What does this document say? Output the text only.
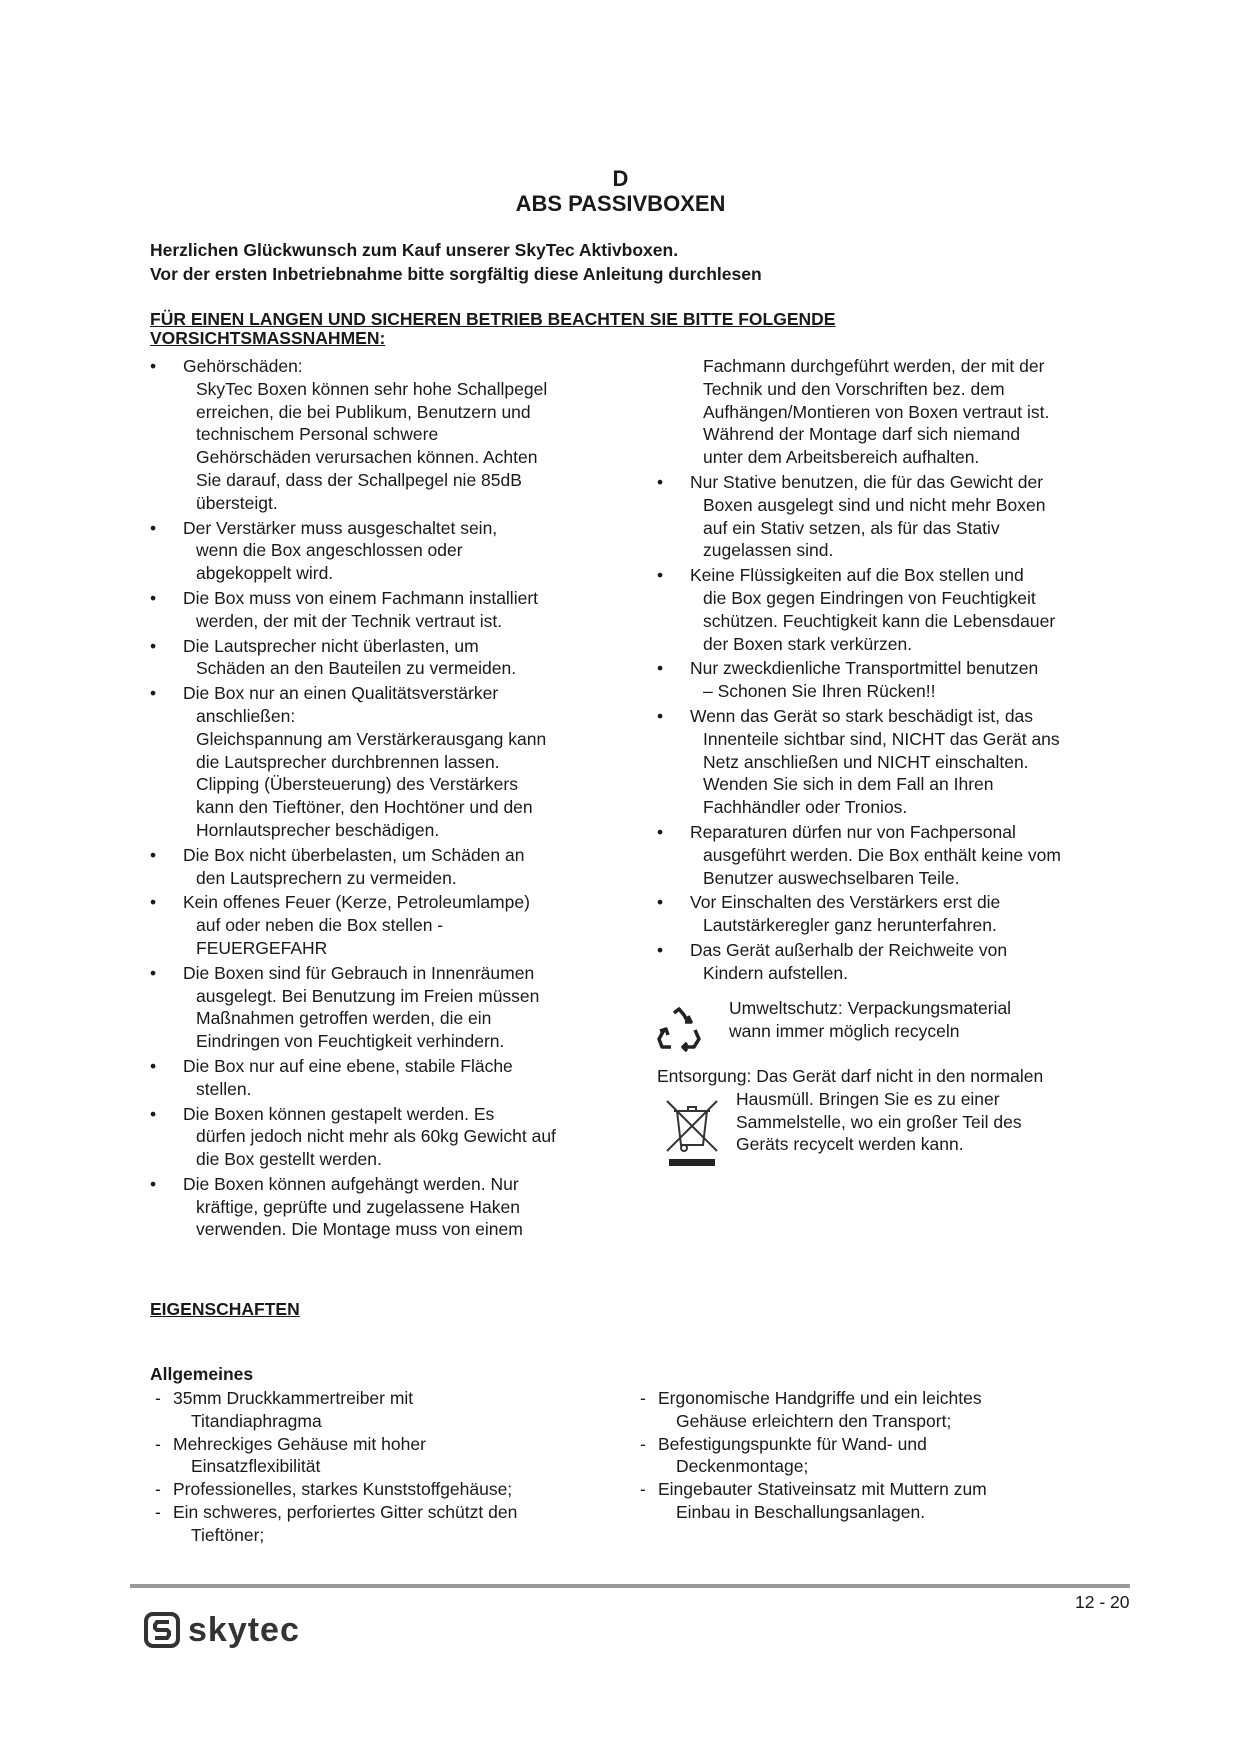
D
ABS PASSIVBOXEN
Herzlichen Glückwunsch zum Kauf unserer SkyTec Aktivboxen.
Vor der ersten Inbetriebnahme bitte sorgfältig diese Anleitung durchlesen
FÜR EINEN LANGEN UND SICHEREN BETRIEB BEACHTEN SIE BITTE FOLGENDE
VORSICHTSMASSNAHMEN:
• Gehörschäden:
SkyTec Boxen können sehr hohe Schallpegel
erreichen, die bei Publikum, Benutzern und
technischem Personal schwere
Gehörschäden verursachen können. Achten
Sie darauf, dass der Schallpegel nie 85dB
übersteigt.
• Der Verstärker muss ausgeschaltet sein,
wenn die Box angeschlossen oder
abgekoppelt wird.
• Die Box muss von einem Fachmann installiert
werden, der mit der Technik vertraut ist.
• Die Lautsprecher nicht überlasten, um
Schäden an den Bauteilen zu vermeiden.
• Die Box nur an einen Qualitätsverstärker
anschließen:
Gleichspannung am Verstärkerausgang kann
die Lautsprecher durchbrennen lassen.
Clipping (Übersteuerung) des Verstärkers
kann den Tieftöner, den Hochtöner und den
Hornlautsprecher beschädigen.
• Die Box nicht überbelasten, um Schäden an
den Lautsprechern zu vermeiden.
• Kein offenes Feuer (Kerze, Petroleumlampe)
auf oder neben die Box stellen -
FEUERGEFAHR
• Die Boxen sind für Gebrauch in Innenräumen
ausgelegt. Bei Benutzung im Freien müssen
Maßnahmen getroffen werden, die ein
Eindringen von Feuchtigkeit verhindern.
• Die Box nur auf eine ebene, stabile Fläche
stellen.
• Die Boxen können gestapelt werden. Es
dürfen jedoch nicht mehr als 60kg Gewicht auf
die Box gestellt werden.
• Die Boxen können aufgehängt werden. Nur
kräftige, geprüfte und zugelassene Haken
verwenden. Die Montage muss von einem
Fachmann durchgeführt werden, der mit der
Technik und den Vorschriften bez. dem
Aufhängen/Montieren von Boxen vertraut ist.
Während der Montage darf sich niemand
unter dem Arbeitsbereich aufhalten.
• Nur Stative benutzen, die für das Gewicht der
Boxen ausgelegt sind und nicht mehr Boxen
auf ein Stativ setzen, als für das Stativ
zugelassen sind.
• Keine Flüssigkeiten auf die Box stellen und
die Box gegen Eindringen von Feuchtigkeit
schützen. Feuchtigkeit kann die Lebensdauer
der Boxen stark verkürzen.
• Nur zweckdienliche Transportmittel benutzen
– Schonen Sie Ihren Rücken!!
• Wenn das Gerät so stark beschädigt ist, das
Innenteile sichtbar sind, NICHT das Gerät ans
Netz anschließen und NICHT einschalten.
Wenden Sie sich in dem Fall an Ihren
Fachhändler oder Tronios.
• Reparaturen dürfen nur von Fachpersonal
ausgeführt werden. Die Box enthält keine vom
Benutzer auswechselbaren Teile.
• Vor Einschalten des Verstärkers erst die
Lautstärkeregler ganz herunterfahren.
• Das Gerät außerhalb der Reichweite von
Kindern aufstellen.
Umweltschutz: Verpackungsmaterial
wann immer möglich recyceln
Entsorgung: Das Gerät darf nicht in den normalen
Hausmüll. Bringen Sie es zu einer
Sammelstelle, wo ein großer Teil des
Geräts recycelt werden kann.
EIGENSCHAFTEN
Allgemeines
- 35mm Druckkammertreiber mit
Titandiaphragma
- Mehreckiges Gehäuse mit hoher
Einsatzflexibilität
- Professionelles, starkes Kunststoffgehäuse;
- Ein schweres, perforiertes Gitter schützt den
Tieftöner;
- Ergonomische Handgriffe und ein leichtes
Gehäuse erleichtern den Transport;
- Befestigungspunkte für Wand- und
Deckenmontage;
- Eingebauter Stativeinsatz mit Muttern zum
Einbau in Beschallungsanlagen.
12 - 20
skytec
